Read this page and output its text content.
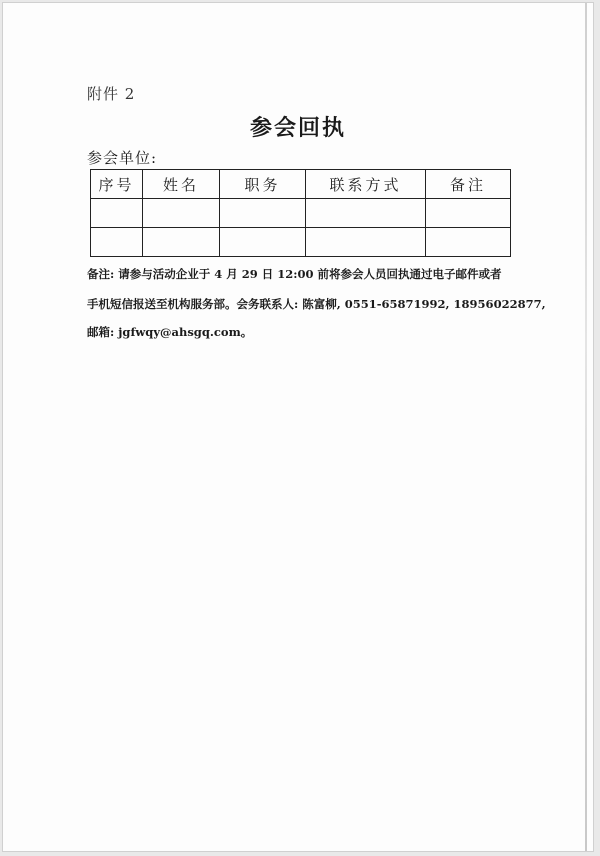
附件 2
参会回执
参会单位:
序号	姓名	职务	联系方式	备注

备注: 请参与活动企业于 4 月 29 日 12:00 前将参会人员回执通过电子邮件或者
手机短信报送至机构服务部。会务联系人: 陈富柳, 0551-65871992, 18956022877,
邮箱: jgfwqy@ahsgq.com。
